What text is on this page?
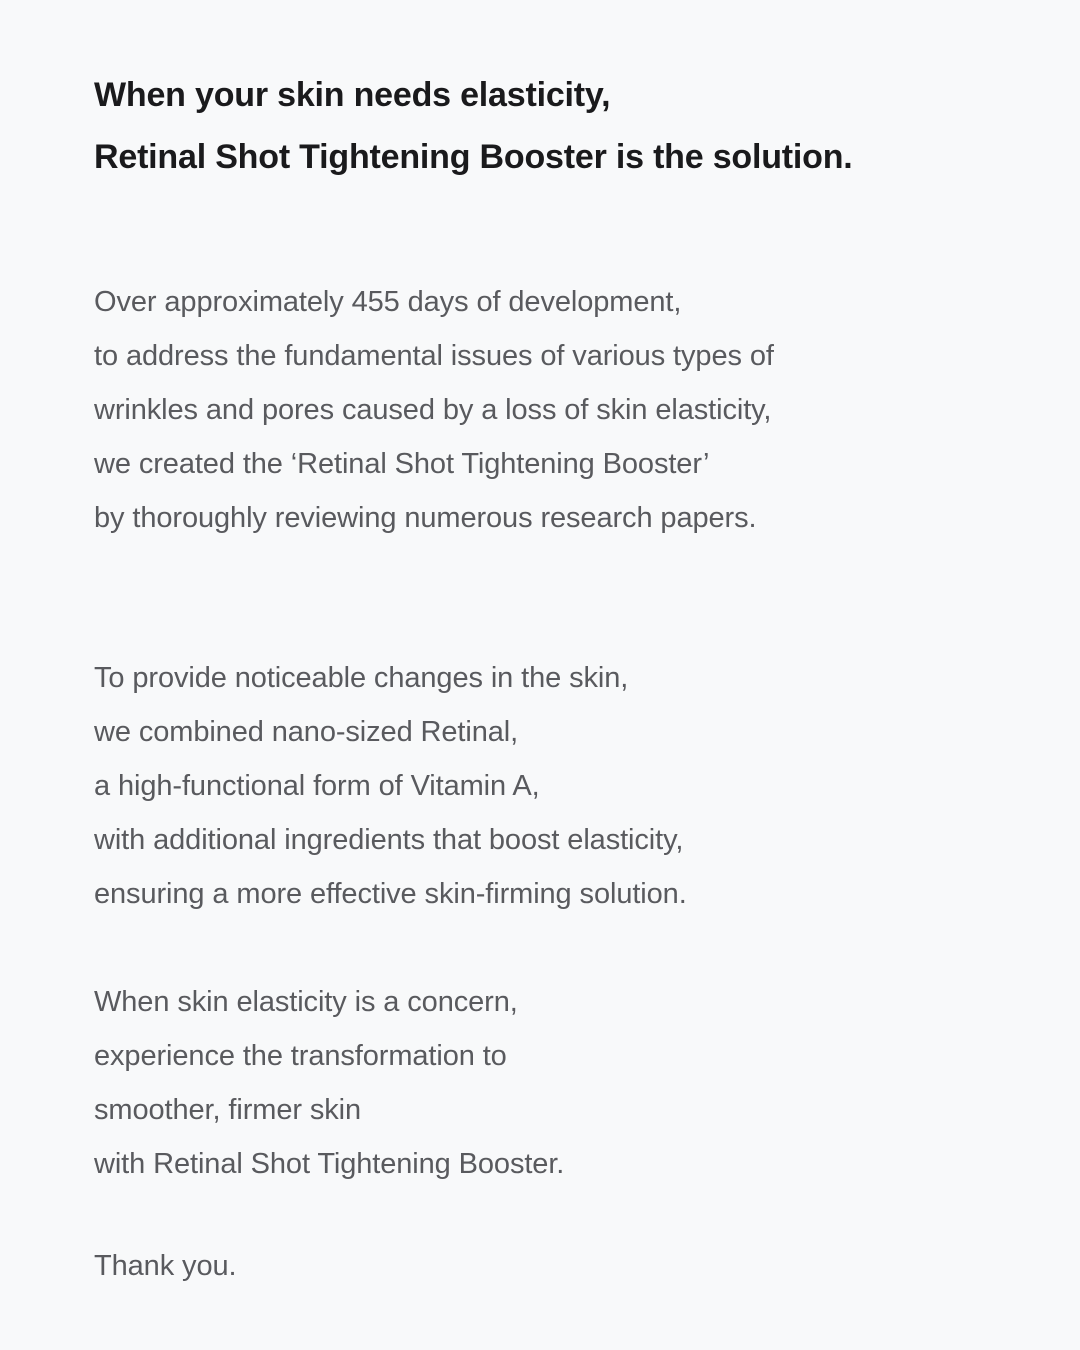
When your skin needs elasticity,
Retinal Shot Tightening Booster is the solution.

Over approximately 455 days of development,
to address the fundamental issues of various types of
wrinkles and pores caused by a loss of skin elasticity,
we created the ‘Retinal Shot Tightening Booster’
by thoroughly reviewing numerous research papers.

To provide noticeable changes in the skin,
we combined nano-sized Retinal,
a high-functional form of Vitamin A,
with additional ingredients that boost elasticity,
ensuring a more effective skin-firming solution.

When skin elasticity is a concern,
experience the transformation to
smoother, firmer skin
with Retinal Shot Tightening Booster.

Thank you.
